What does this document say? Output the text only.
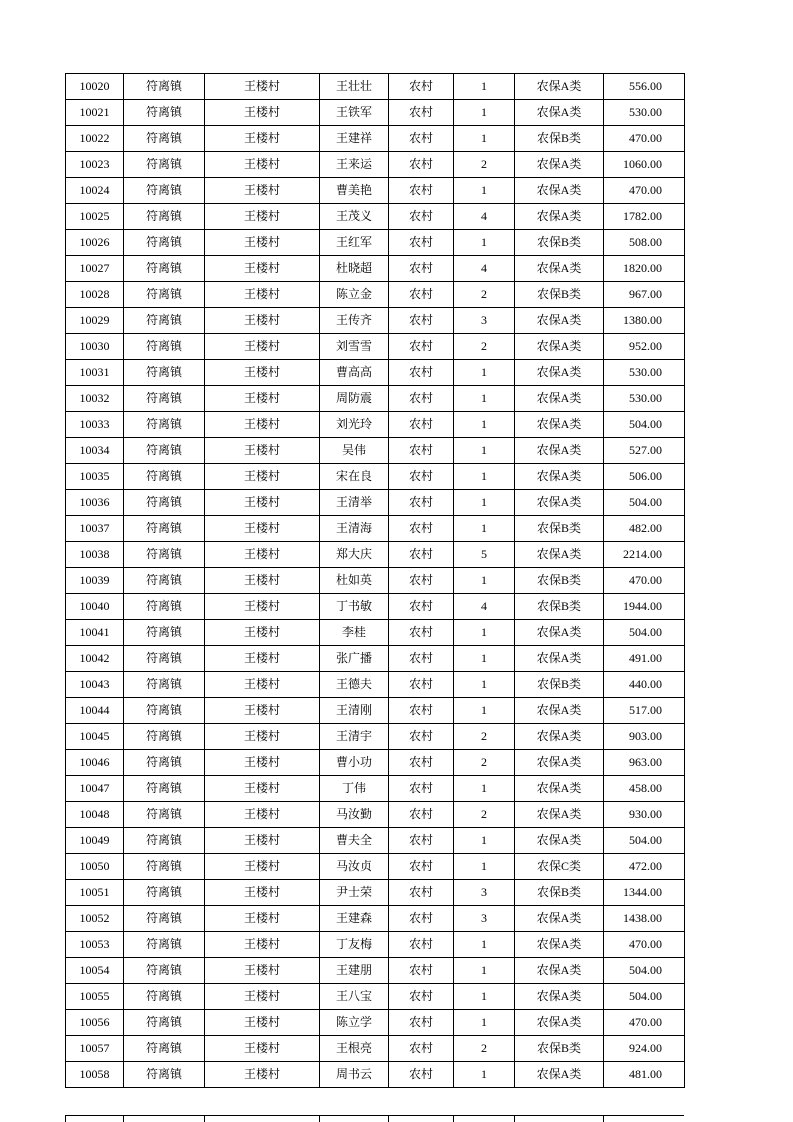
10020	符离镇	王楼村	王壮壮	农村	1	农保A类	556.00
10021	符离镇	王楼村	王铁军	农村	1	农保A类	530.00
10022	符离镇	王楼村	王建祥	农村	1	农保B类	470.00
10023	符离镇	王楼村	王来运	农村	2	农保A类	1060.00
10024	符离镇	王楼村	曹美艳	农村	1	农保A类	470.00
10025	符离镇	王楼村	王茂义	农村	4	农保A类	1782.00
10026	符离镇	王楼村	王红军	农村	1	农保B类	508.00
10027	符离镇	王楼村	杜晓超	农村	4	农保A类	1820.00
10028	符离镇	王楼村	陈立金	农村	2	农保B类	967.00
10029	符离镇	王楼村	王传齐	农村	3	农保A类	1380.00
10030	符离镇	王楼村	刘雪雪	农村	2	农保A类	952.00
10031	符离镇	王楼村	曹高高	农村	1	农保A类	530.00
10032	符离镇	王楼村	周防震	农村	1	农保A类	530.00
10033	符离镇	王楼村	刘光玲	农村	1	农保A类	504.00
10034	符离镇	王楼村	吴伟	农村	1	农保A类	527.00
10035	符离镇	王楼村	宋在良	农村	1	农保A类	506.00
10036	符离镇	王楼村	王清举	农村	1	农保A类	504.00
10037	符离镇	王楼村	王清海	农村	1	农保B类	482.00
10038	符离镇	王楼村	郑大庆	农村	5	农保A类	2214.00
10039	符离镇	王楼村	杜如英	农村	1	农保B类	470.00
10040	符离镇	王楼村	丁书敏	农村	4	农保B类	1944.00
10041	符离镇	王楼村	李桂	农村	1	农保A类	504.00
10042	符离镇	王楼村	张广播	农村	1	农保A类	491.00
10043	符离镇	王楼村	王德夫	农村	1	农保B类	440.00
10044	符离镇	王楼村	王清刚	农村	1	农保A类	517.00
10045	符离镇	王楼村	王清宇	农村	2	农保A类	903.00
10046	符离镇	王楼村	曹小功	农村	2	农保A类	963.00
10047	符离镇	王楼村	丁伟	农村	1	农保A类	458.00
10048	符离镇	王楼村	马汝勤	农村	2	农保A类	930.00
10049	符离镇	王楼村	曹夫全	农村	1	农保A类	504.00
10050	符离镇	王楼村	马汝贞	农村	1	农保C类	472.00
10051	符离镇	王楼村	尹士荣	农村	3	农保B类	1344.00
10052	符离镇	王楼村	王建森	农村	3	农保A类	1438.00
10053	符离镇	王楼村	丁友梅	农村	1	农保A类	470.00
10054	符离镇	王楼村	王建朋	农村	1	农保A类	504.00
10055	符离镇	王楼村	王八宝	农村	1	农保A类	504.00
10056	符离镇	王楼村	陈立学	农村	1	农保A类	470.00
10057	符离镇	王楼村	王根亮	农村	2	农保B类	924.00
10058	符离镇	王楼村	周书云	农村	1	农保A类	481.00
